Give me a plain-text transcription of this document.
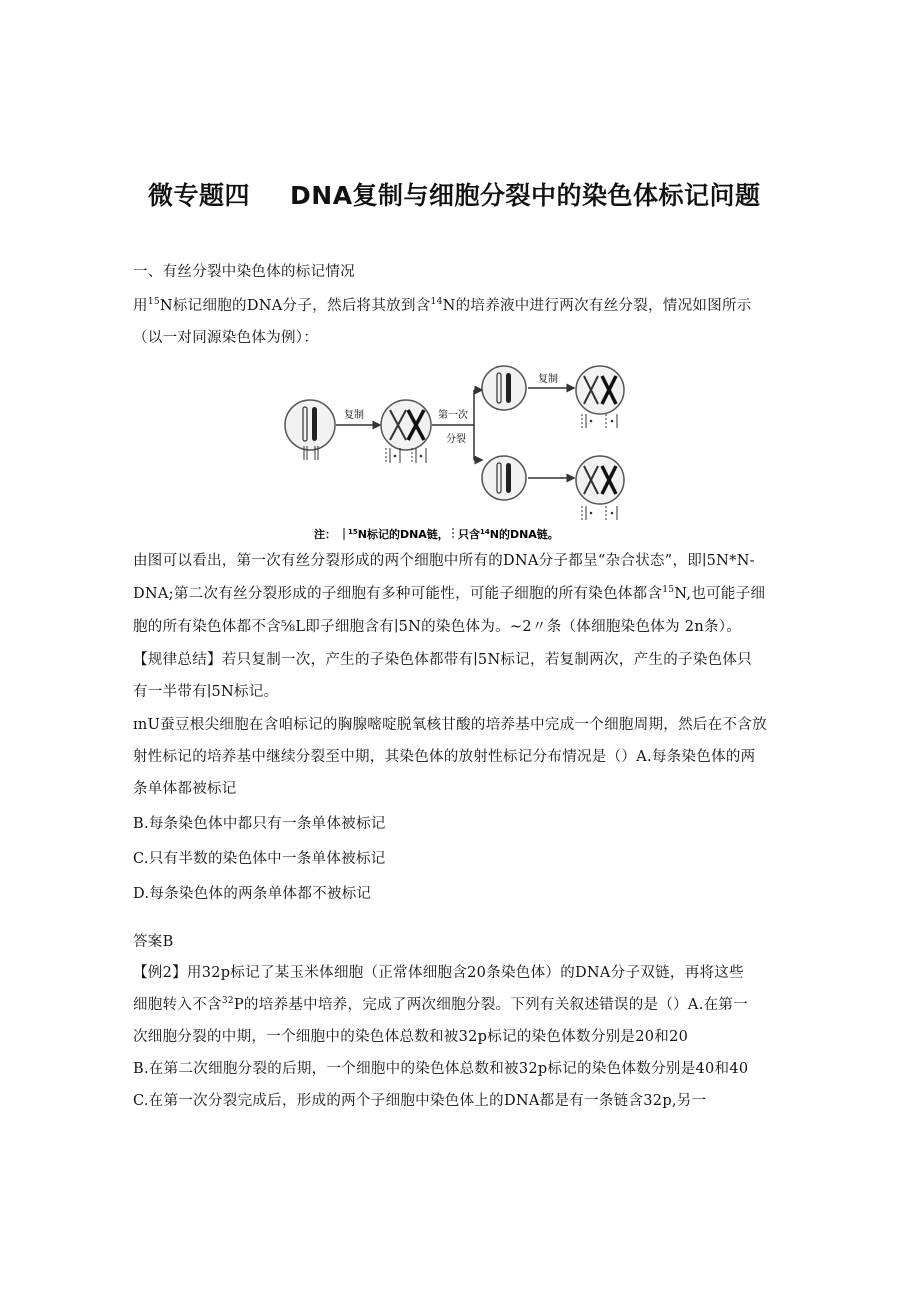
微专题四 DNA复制与细胞分裂中的染色体标记问题
一、有丝分裂中染色体的标记情况
用$^{15}$N标记细胞的DNA分子，然后将其放到含$^{14}$N的培养液中进行两次有丝分裂，情况如图所示
（以一对同源染色体为例）：
复制	第一次
分裂
复制
注： $^{15}$N标记的DNA链， 只含$^{14}$N的DNA链。
由图可以看出，第一次有丝分裂形成的两个细胞中所有的DNA分子都呈“杂合状态”，即∣5N*N-
DNA;第二次有丝分裂形成的子细胞有多种可能性，可能子细胞的所有染色体都含$^{15}$N,也可能子细
胞的所有染色体都不含⅝L即子细胞含有∣5N的染色体为。~2〃条（体细胞染色体为 2n条）。
【规律总结】若只复制一次，产生的子染色体都带有∣5N标记，若复制两次，产生的子染色体只
有一半带有∣5N标记。
ɪnU蚕豆根尖细胞在含咱标记的胸腺嘧啶脱氧核甘酸的培养基中完成一个细胞周期，然后在不含放
射性标记的培养基中继续分裂至中期，其染色体的放射性标记分布情况是（）A.每条染色体的两
条单体都被标记
B.每条染色体中都只有一条单体被标记
C.只有半数的染色体中一条单体被标记
D.每条染色体的两条单体都不被标记
答案B
【例2】用32p标记了某玉米体细胞（正常体细胞含20条染色体）的DNA分子双链，再将这些
细胞转入不含$^{32}$P的培养基中培养，完成了两次细胞分裂。下列有关叙述错误的是（）A.在第一
次细胞分裂的中期，一个细胞中的染色体总数和被32p标记的染色体数分别是20和20
B.在第二次细胞分裂的后期，一个细胞中的染色体总数和被32p标记的染色体数分别是40和40
C.在第一次分裂完成后，形成的两个子细胞中染色体上的DNA都是有一条链含32p,另一
